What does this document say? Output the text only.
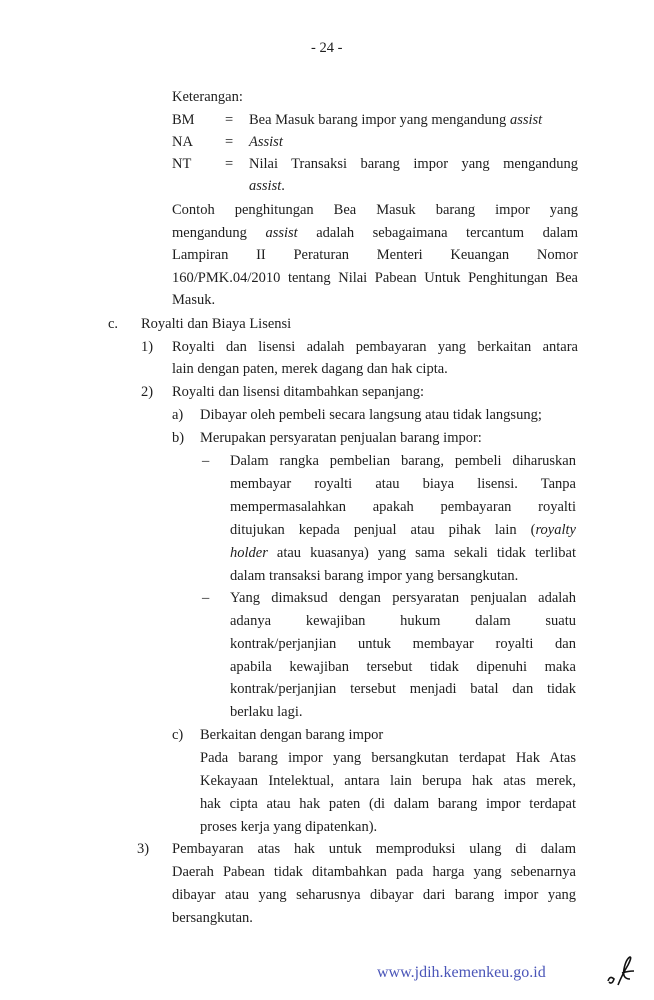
- 24 -
Keterangan:
BM = Bea Masuk barang impor yang mengandung assist
NA = Assist
NT = Nilai Transaksi barang impor yang mengandung
assist.
Contoh penghitungan Bea Masuk barang impor yang
mengandung assist adalah sebagaimana tercantum dalam
Lampiran II Peraturan Menteri Keuangan Nomor
160/PMK.04/2010 tentang Nilai Pabean Untuk Penghitungan Bea
Masuk.
c. Royalti dan Biaya Lisensi
1) Royalti dan lisensi adalah pembayaran yang berkaitan antara
lain dengan paten, merek dagang dan hak cipta.
2) Royalti dan lisensi ditambahkan sepanjang:
a) Dibayar oleh pembeli secara langsung atau tidak langsung;
b) Merupakan persyaratan penjualan barang impor:
– Dalam rangka pembelian barang, pembeli diharuskan
membayar royalti atau biaya lisensi. Tanpa
mempermasalahkan apakah pembayaran royalti
ditujukan kepada penjual atau pihak lain (royalty
holder atau kuasanya) yang sama sekali tidak terlibat
dalam transaksi barang impor yang bersangkutan.
– Yang dimaksud dengan persyaratan penjualan adalah
adanya kewajiban hukum dalam suatu
kontrak/perjanjian untuk membayar royalti dan
apabila kewajiban tersebut tidak dipenuhi maka
kontrak/perjanjian tersebut menjadi batal dan tidak
berlaku lagi.
c) Berkaitan dengan barang impor
Pada barang impor yang bersangkutan terdapat Hak Atas
Kekayaan Intelektual, antara lain berupa hak atas merek,
hak cipta atau hak paten (di dalam barang impor terdapat
proses kerja yang dipatenkan).
3) Pembayaran atas hak untuk memproduksi ulang di dalam
Daerah Pabean tidak ditambahkan pada harga yang sebenarnya
dibayar atau yang seharusnya dibayar dari barang impor yang
bersangkutan.
www.jdih.kemenkeu.go.id
